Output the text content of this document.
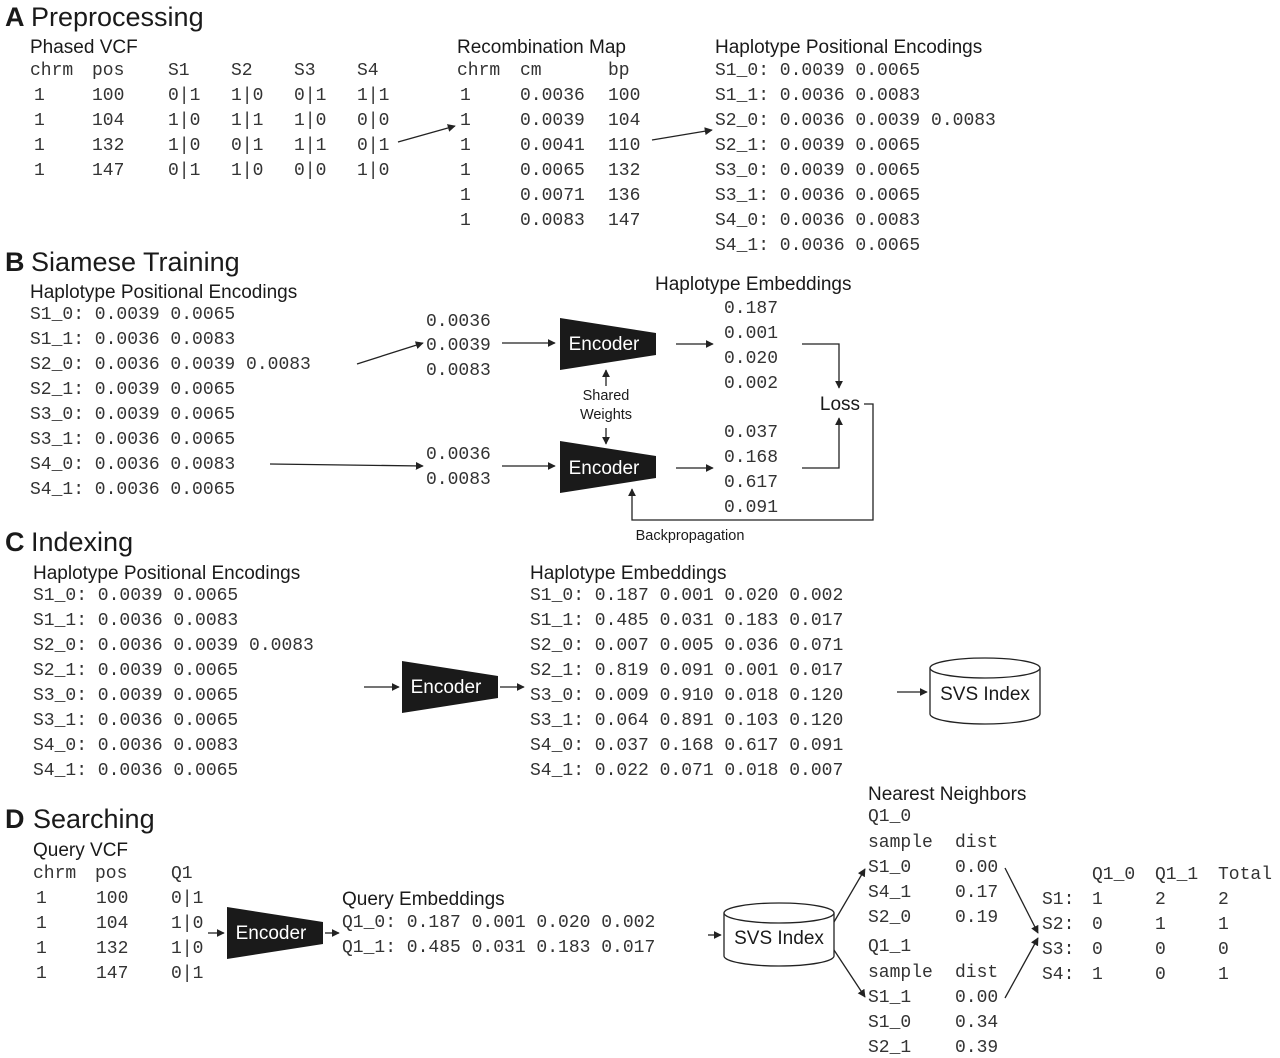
A Preprocessing
Phased VCF
chrm pos S1 S2 S3 S4
1	100 0|1 1|0 0|1 1|1
1	104 1|0 1|1 1|0 0|0
1	132 1|0 0|1 1|1 0|1
1	147 0|1 1|0 0|0 1|0
Recombination Map
chrm cm	bp
1	0.0036 100
1	0.0039 104
1	0.0041 110
1	0.0065 132
1	0.0071 136
1	0.0083 147
Haplotype Positional Encodings
S1_0: 0.0039 0.0065
S1_1: 0.0036 0.0083
S2_0: 0.0036 0.0039 0.0083
S2_1: 0.0039 0.0065
S3_0: 0.0039 0.0065
S3_1: 0.0036 0.0065
S4_0: 0.0036 0.0083
S4_1: 0.0036 0.0065
B Siamese Training
Haplotype Positional Encodings
S1_0: 0.0039 0.0065
S1_1: 0.0036 0.0083
S2_0: 0.0036 0.0039 0.0083
S2_1: 0.0039 0.0065
S3_0: 0.0039 0.0065
S3_1: 0.0036 0.0065
S4_0: 0.0036 0.0083
S4_1: 0.0036 0.0065
0.0036
0.0039
0.0083
0.0036
0.0083
Encoder
Encoder
Shared
Weights
Haplotype Embeddings
0.187
0.001
0.020
0.002
0.037
0.168
0.617
0.091
Loss
Backpropagation
C Indexing
Haplotype Positional Encodings
S1_0: 0.0039 0.0065
S1_1: 0.0036 0.0083
S2_0: 0.0036 0.0039 0.0083
S2_1: 0.0039 0.0065
S3_0: 0.0039 0.0065
S3_1: 0.0036 0.0065
S4_0: 0.0036 0.0083
S4_1: 0.0036 0.0065
Encoder
Haplotype Embeddings
S1_0: 0.187 0.001 0.020 0.002
S1_1: 0.485 0.031 0.183 0.017
S2_0: 0.007 0.005 0.036 0.071
S2_1: 0.819 0.091 0.001 0.017
S3_0: 0.009 0.910 0.018 0.120
S3_1: 0.064 0.891 0.103 0.120
S4_0: 0.037 0.168 0.617 0.091
S4_1: 0.022 0.071 0.018 0.007
SVS Index
D Searching
Query VCF
chrm pos Q1
1	100 0|1
1	104 1|0
1	132 1|0
1	147 0|1
Encoder
Query Embeddings
Q1_0: 0.187 0.001 0.020 0.002
Q1_1: 0.485 0.031 0.183 0.017	SVS Index
Nearest Neighbors
Q1_0
sample dist
S1_0 0.00
S4_1 0.17
S2_0 0.19
Q1_1
sample dist
S1_1 0.00
S1_0 0.34
S2_1 0.39
Q1_0 Q1_1 Total
S1: 1	2	2
S2: 0	1	1
S3: 0	0	0
S4: 1	0	1
